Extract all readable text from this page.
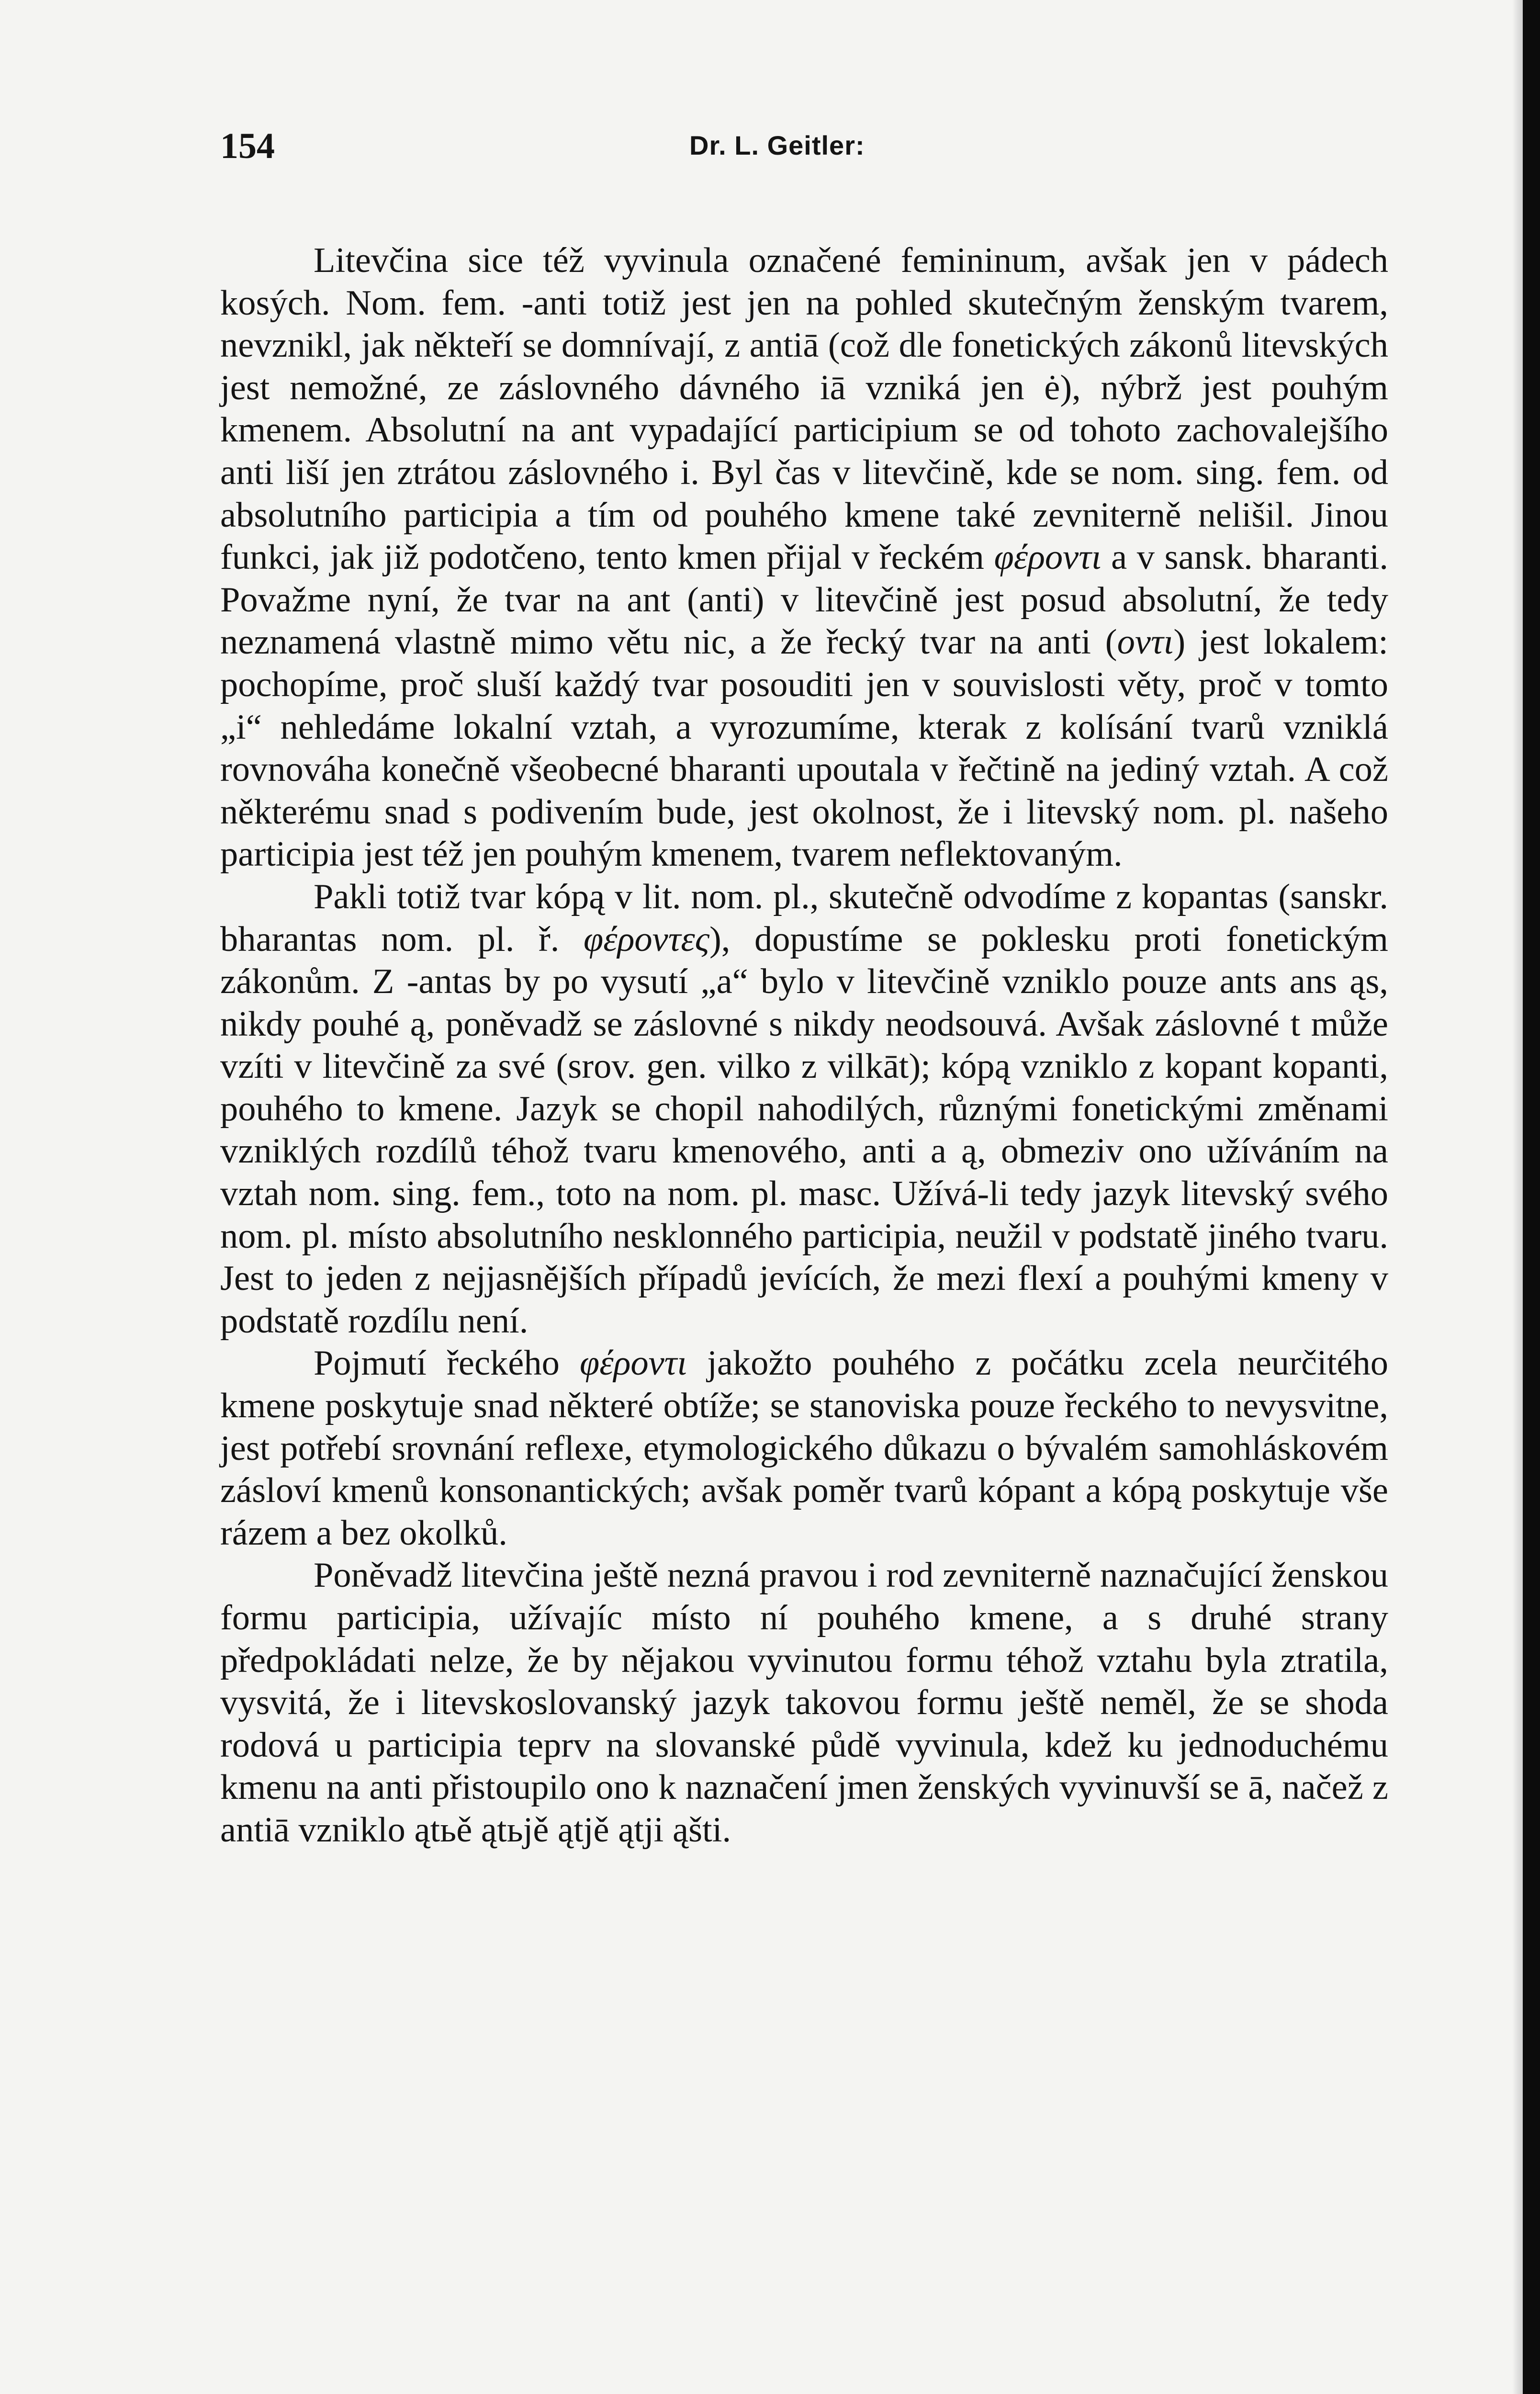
154	Dr. L. Geitler:

Litevčina sice též vyvinula označené femininum, avšak jen v pádech kosých. Nom. fem. -anti totiž jest jen na pohled skutečným ženským tvarem, nevznikl, jak někteří se domnívají, z antiā (což dle fonetických zákonů litevských jest nemožné, ze záslovného dávného iā vzniká jen ė), nýbrž jest pouhým kmenem. Absolutní na ant vypadající participium se od tohoto zachovalejšího anti liší jen ztrátou záslovného i. Byl čas v litevčině, kde se nom. sing. fem. od absolutního participia a tím od pouhého kmene také zevniterně nelišil. Jinou funkci, jak již podotčeno, tento kmen přijal v řeckém φέροντι a v sansk. bharanti. Považme nyní, že tvar na ant (anti) v litevčině jest posud absolutní, že tedy neznamená vlastně mimo větu nic, a že řecký tvar na anti (οντι) jest lokalem: pochopíme, proč sluší každý tvar posouditi jen v souvislosti věty, proč v tomto „i“ nehledáme lokalní vztah, a vyrozumíme, kterak z kolísání tvarů vzniklá rovnováha konečně všeobecné bharanti upoutala v řečtině na jediný vztah. A což některému snad s podivením bude, jest okolnost, že i litevský nom. pl. našeho participia jest též jen pouhým kmenem, tvarem neflektovaným.

Pakli totiž tvar kópą v lit. nom. pl., skutečně odvodíme z kopantas (sanskr. bharantas nom. pl. ř. φέροντες), dopustíme se poklesku proti fonetickým zákonům. Z -antas by po vysutí „a“ bylo v litevčině vzniklo pouze ants ans ąs, nikdy pouhé ą, poněvadž se záslovné s nikdy neodsouvá. Avšak záslovné t může vzíti v litevčině za své (srov. gen. vilko z vilkāt); kópą vzniklo z kopant kopanti, pouhého to kmene. Jazyk se chopil nahodilých, různými fonetickými změnami vzniklých rozdílů téhož tvaru kmenového, anti a ą, obmeziv ono užíváním na vztah nom. sing. fem., toto na nom. pl. masc. Užívá-li tedy jazyk litevský svého nom. pl. místo absolutního nesklonného participia, neužil v podstatě jiného tvaru. Jest to jeden z nejjasnějších případů jevících, že mezi flexí a pouhými kmeny v podstatě rozdílu není.

Pojmutí řeckého φέροντι jakožto pouhého z počátku zcela neurčitého kmene poskytuje snad některé obtíže; se stanoviska pouze řeckého to nevysvitne, jest potřebí srovnání reflexe, etymologického důkazu o bývalém samohláskovém zásloví kmenů konsonantických; avšak poměr tvarů kópant a kópą poskytuje vše rázem a bez okolků.

Poněvadž litevčina ještě nezná pravou i rod zevniterně naznačující ženskou formu participia, užívajíc místo ní pouhého kmene, a s druhé strany předpokládati nelze, že by nějakou vyvinutou formu téhož vztahu byla ztratila, vysvitá, že i litevskoslovanský jazyk takovou formu ještě neměl, že se shoda rodová u participia teprv na slovanské půdě vyvinula, kdež ku jednoduchému kmenu na anti přistoupilo ono k naznačení jmen ženských vyvinuvší se ā, načež z antiā vzniklo ątьě ątьjě ątjě ątji ąšti.
